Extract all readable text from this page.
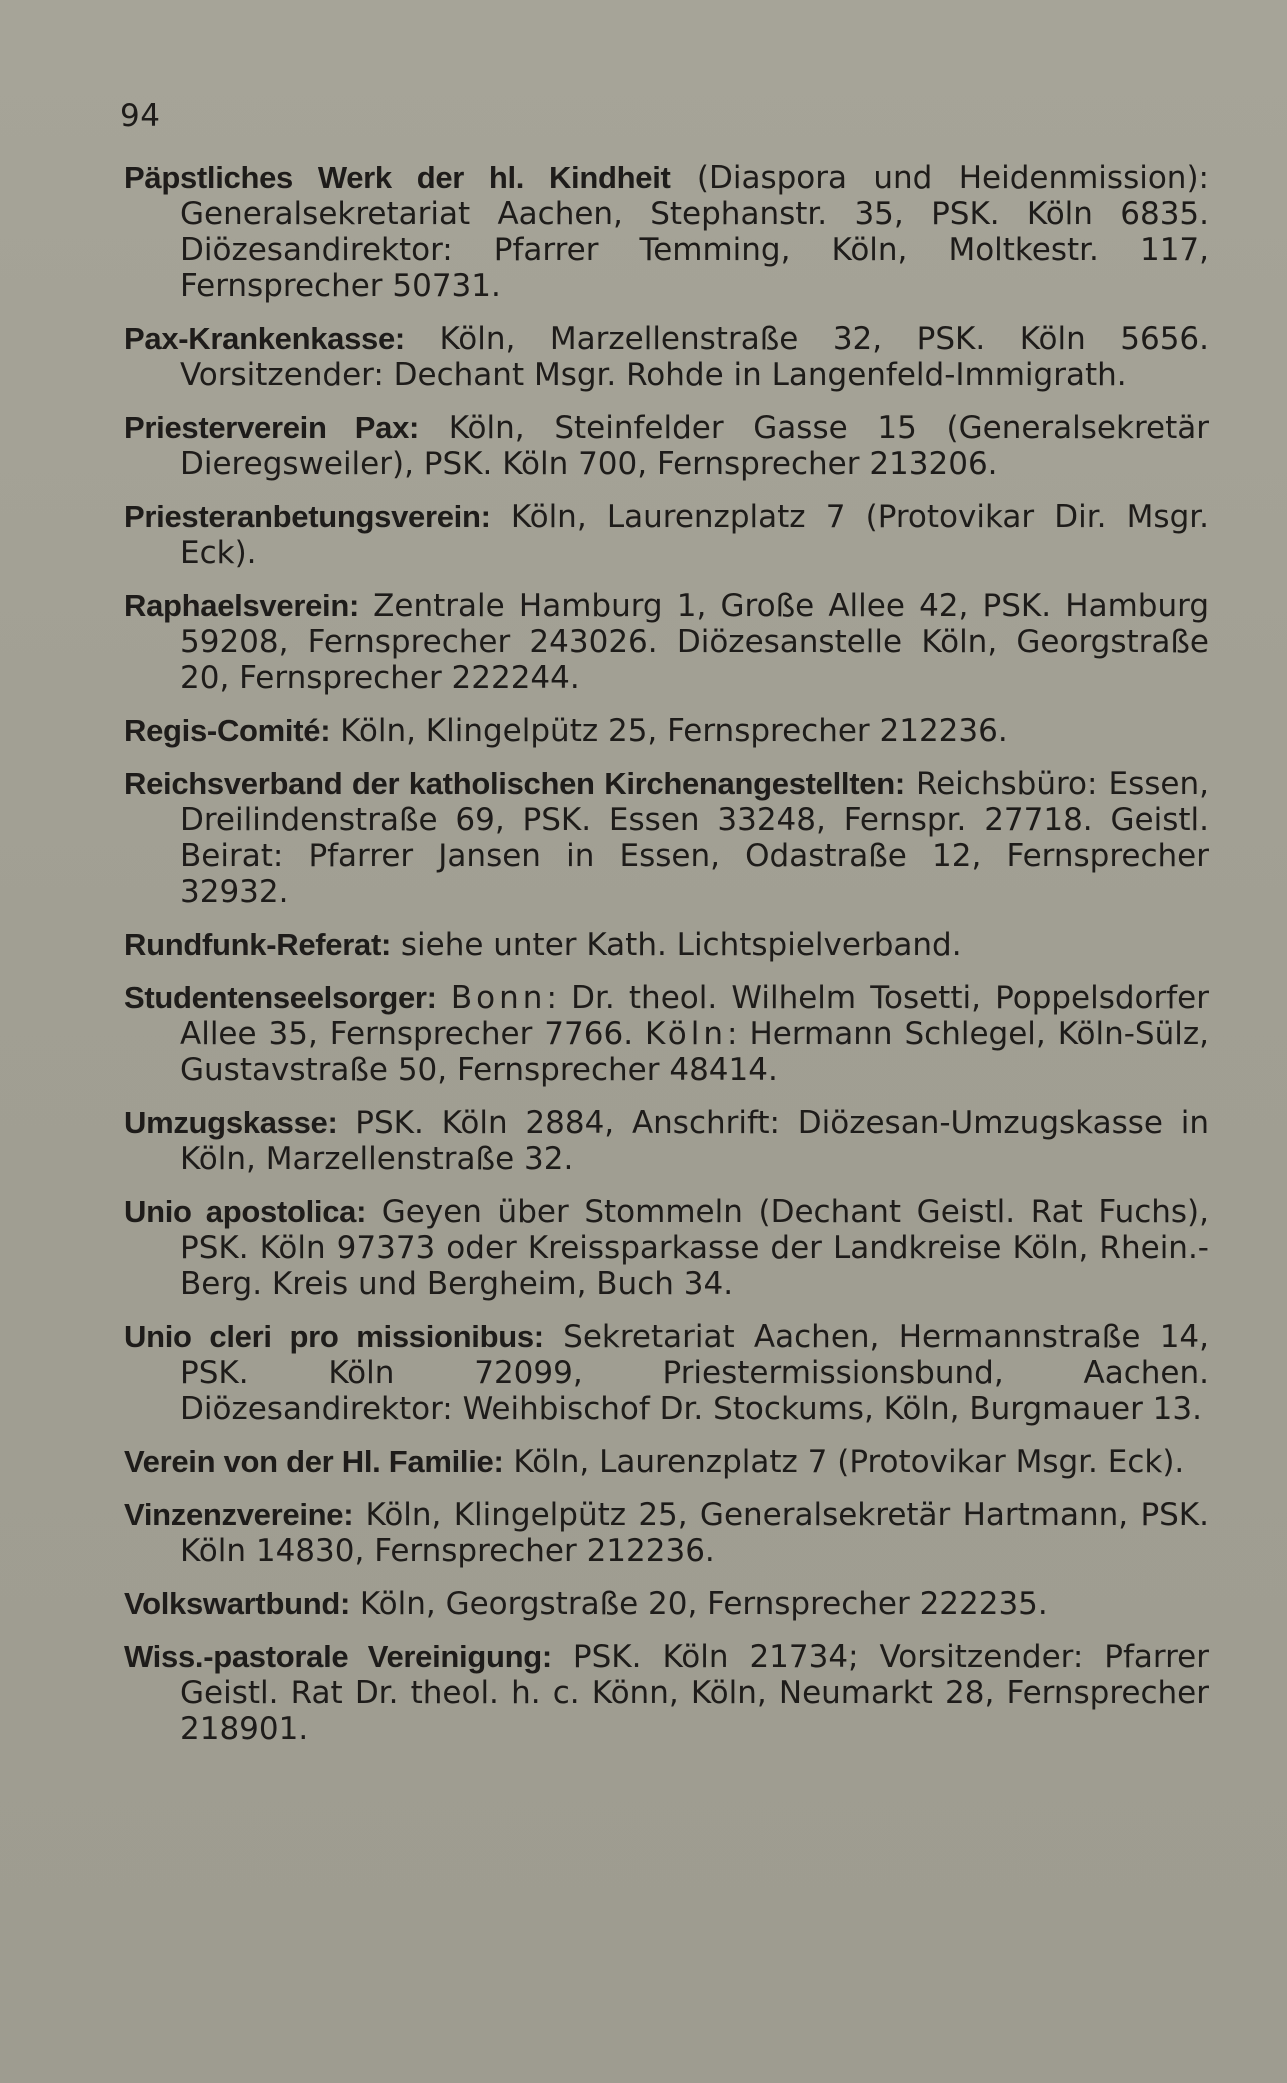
94

Päpstliches Werk der hl. Kindheit (Diaspora und Heidenmission): Generalsekretariat Aachen, Stephanstr. 35, PSK. Köln 6835. Diözesandirektor: Pfarrer Temming, Köln, Moltkestr. 117, Fernsprecher 50731.

Pax-Krankenkasse: Köln, Marzellenstraße 32, PSK. Köln 5656. Vorsitzender: Dechant Msgr. Rohde in Langenfeld-Immigrath.

Priesterverein Pax: Köln, Steinfelder Gasse 15 (Generalsekretär Dieregsweiler), PSK. Köln 700, Fernsprecher 213206.

Priesteranbetungsverein: Köln, Laurenzplatz 7 (Protovikar Dir. Msgr. Eck).

Raphaelsverein: Zentrale Hamburg 1, Große Allee 42, PSK. Hamburg 59208, Fernsprecher 243026. Diözesanstelle Köln, Georgstraße 20, Fernsprecher 222244.

Regis-Comité: Köln, Klingelpütz 25, Fernsprecher 212236.

Reichsverband der katholischen Kirchenangestellten: Reichsbüro: Essen, Dreilindenstraße 69, PSK. Essen 33248, Fernspr. 27718. Geistl. Beirat: Pfarrer Jansen in Essen, Odastraße 12, Fernsprecher 32932.

Rundfunk-Referat: siehe unter Kath. Lichtspielverband.

Studentenseelsorger: Bonn: Dr. theol. Wilhelm Tosetti, Poppelsdorfer Allee 35, Fernsprecher 7766. Köln: Hermann Schlegel, Köln-Sülz, Gustavstraße 50, Fernsprecher 48414.

Umzugskasse: PSK. Köln 2884, Anschrift: Diözesan-Umzugskasse in Köln, Marzellenstraße 32.

Unio apostolica: Geyen über Stommeln (Dechant Geistl. Rat Fuchs), PSK. Köln 97373 oder Kreissparkasse der Landkreise Köln, Rhein.-Berg. Kreis und Bergheim, Buch 34.

Unio cleri pro missionibus: Sekretariat Aachen, Hermannstraße 14, PSK. Köln 72099, Priestermissionsbund, Aachen. Diözesandirektor: Weihbischof Dr. Stockums, Köln, Burgmauer 13.

Verein von der Hl. Familie: Köln, Laurenzplatz 7 (Protovikar Msgr. Eck).

Vinzenzvereine: Köln, Klingelpütz 25, Generalsekretär Hartmann, PSK. Köln 14830, Fernsprecher 212236.

Volkswartbund: Köln, Georgstraße 20, Fernsprecher 222235.

Wiss.-pastorale Vereinigung: PSK. Köln 21734; Vorsitzender: Pfarrer Geistl. Rat Dr. theol. h. c. Könn, Köln, Neumarkt 28, Fernsprecher 218901.
